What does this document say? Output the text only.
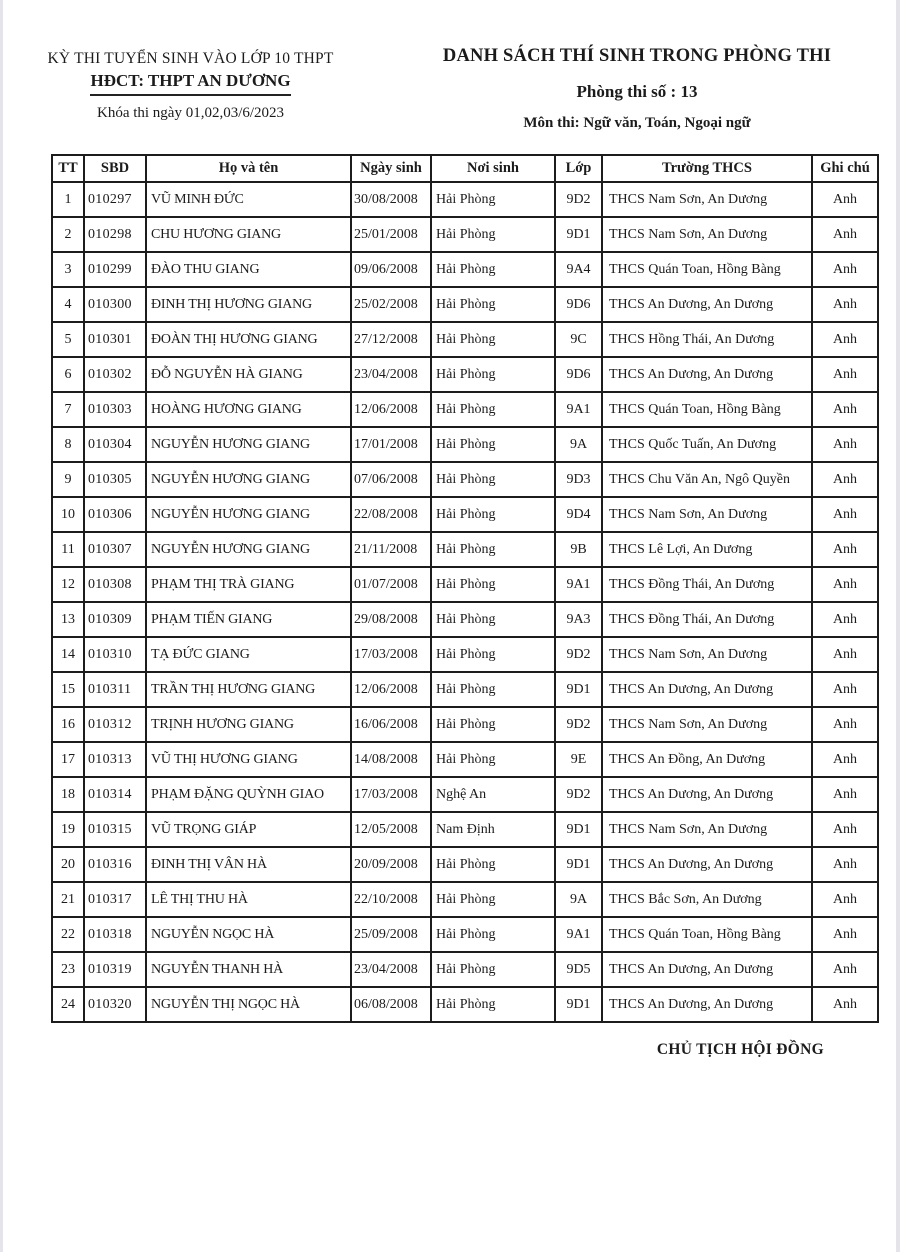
KỲ THI TUYỂN SINH VÀO LỚP 10 THPT
HĐCT: THPT AN DƯƠNG
Khóa thi ngày 01,02,03/6/2023
DANH SÁCH THÍ SINH TRONG PHÒNG THI
Phòng thi số : 13
Môn thi: Ngữ văn, Toán, Ngoại ngữ
TT	SBD	Họ và tên	Ngày sinh	Nơi sinh	Lớp	Trường THCS	Ghi chú
1	010297	VŨ MINH ĐỨC	30/08/2008	Hải Phòng	9D2	THCS Nam Sơn, An Dương	Anh
2	010298	CHU HƯƠNG GIANG	25/01/2008	Hải Phòng	9D1	THCS Nam Sơn, An Dương	Anh
3	010299	ĐÀO THU GIANG	09/06/2008	Hải Phòng	9A4	THCS Quán Toan, Hồng Bàng	Anh
4	010300	ĐINH THỊ HƯƠNG GIANG	25/02/2008	Hải Phòng	9D6	THCS An Dương, An Dương	Anh
5	010301	ĐOÀN THỊ HƯƠNG GIANG	27/12/2008	Hải Phòng	9C	THCS Hồng Thái, An Dương	Anh
6	010302	ĐỖ NGUYỄN HÀ GIANG	23/04/2008	Hải Phòng	9D6	THCS An Dương, An Dương	Anh
7	010303	HOÀNG HƯƠNG GIANG	12/06/2008	Hải Phòng	9A1	THCS Quán Toan, Hồng Bàng	Anh
8	010304	NGUYỄN HƯƠNG GIANG	17/01/2008	Hải Phòng	9A	THCS Quốc Tuấn, An Dương	Anh
9	010305	NGUYỄN HƯƠNG GIANG	07/06/2008	Hải Phòng	9D3	THCS Chu Văn An, Ngô Quyền	Anh
10	010306	NGUYỄN HƯƠNG GIANG	22/08/2008	Hải Phòng	9D4	THCS Nam Sơn, An Dương	Anh
11	010307	NGUYỄN HƯƠNG GIANG	21/11/2008	Hải Phòng	9B	THCS Lê Lợi, An Dương	Anh
12	010308	PHẠM THỊ TRÀ GIANG	01/07/2008	Hải Phòng	9A1	THCS Đồng Thái, An Dương	Anh
13	010309	PHẠM TIẾN GIANG	29/08/2008	Hải Phòng	9A3	THCS Đồng Thái, An Dương	Anh
14	010310	TẠ ĐỨC GIANG	17/03/2008	Hải Phòng	9D2	THCS Nam Sơn, An Dương	Anh
15	010311	TRẦN THỊ HƯƠNG GIANG	12/06/2008	Hải Phòng	9D1	THCS An Dương, An Dương	Anh
16	010312	TRỊNH HƯƠNG GIANG	16/06/2008	Hải Phòng	9D2	THCS Nam Sơn, An Dương	Anh
17	010313	VŨ THỊ HƯƠNG GIANG	14/08/2008	Hải Phòng	9E	THCS An Đồng, An Dương	Anh
18	010314	PHẠM ĐẶNG QUỲNH GIAO	17/03/2008	Nghệ An	9D2	THCS An Dương, An Dương	Anh
19	010315	VŨ TRỌNG GIÁP	12/05/2008	Nam Định	9D1	THCS Nam Sơn, An Dương	Anh
20	010316	ĐINH THỊ VÂN HÀ	20/09/2008	Hải Phòng	9D1	THCS An Dương, An Dương	Anh
21	010317	LÊ THỊ THU HÀ	22/10/2008	Hải Phòng	9A	THCS Bắc Sơn, An Dương	Anh
22	010318	NGUYỄN NGỌC HÀ	25/09/2008	Hải Phòng	9A1	THCS Quán Toan, Hồng Bàng	Anh
23	010319	NGUYỄN THANH HÀ	23/04/2008	Hải Phòng	9D5	THCS An Dương, An Dương	Anh
24	010320	NGUYỄN THỊ NGỌC HÀ	06/08/2008	Hải Phòng	9D1	THCS An Dương, An Dương	Anh
CHỦ TỊCH HỘI ĐỒNG
